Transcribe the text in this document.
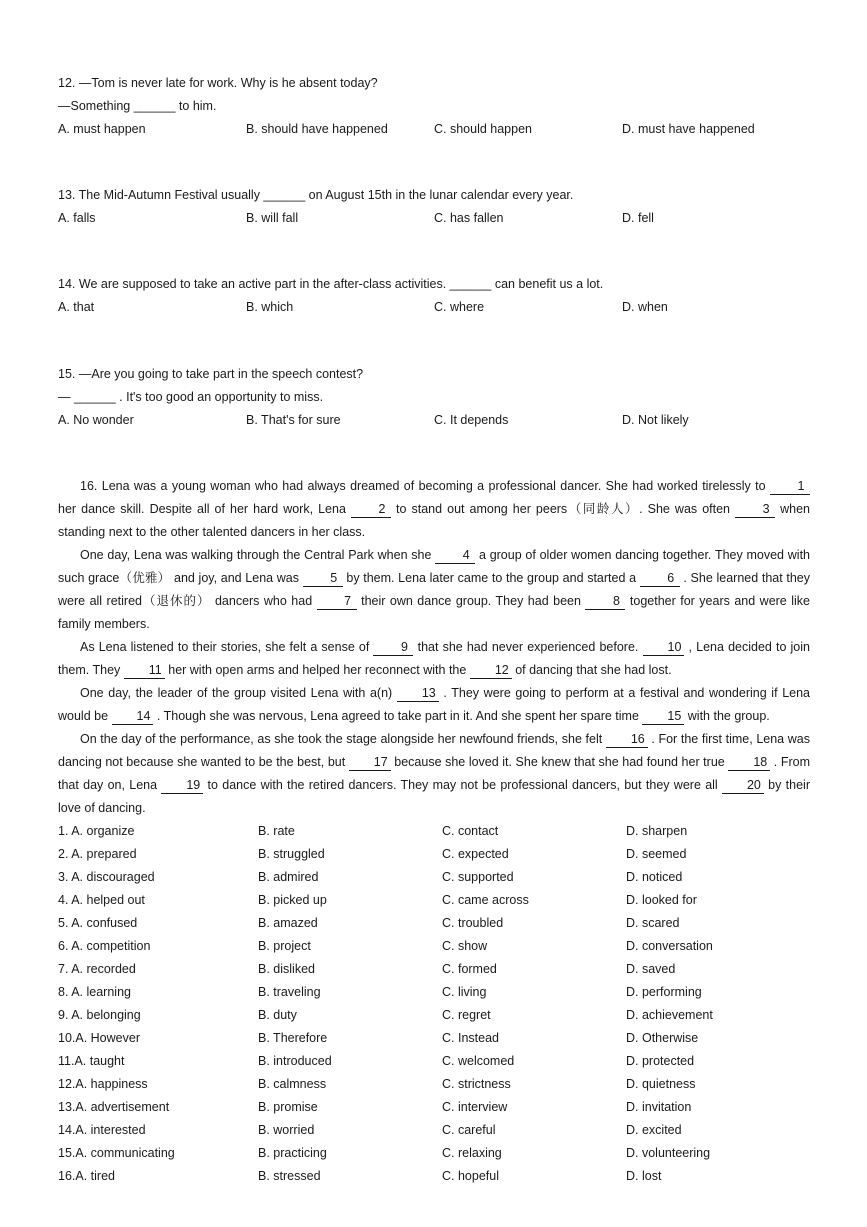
12. —Tom is never late for work. Why is he absent today?
—Something ______ to him.
A. must happen	B. should have happened	C. should happen	D. must have happened
13. The Mid-Autumn Festival usually ______ on August 15th in the lunar calendar every year.
A. falls	B. will fall	C. has fallen	D. fell
14. We are supposed to take an active part in the after-class activities. ______ can benefit us a lot.
A. that	B. which	C. where	D. when
15. —Are you going to take part in the speech contest?
— ______ . It's too good an opportunity to miss.
A. No wonder	B. That's for sure	C. It depends	D. Not likely

16. Lena was a young woman who had always dreamed of becoming a professional dancer. She had worked tirelessly to 1 her dance skill. Despite all of her hard work, Lena 2 to stand out among her peers（同龄人）. She was often 3 when standing next to the other talented dancers in her class.

One day, Lena was walking through the Central Park when she 4 a group of older women dancing together. They moved with such grace（优雅） and joy, and Lena was 5 by them. Lena later came to the group and started a 6 . She learned that they were all retired（退休的） dancers who had 7 their own dance group. They had been 8 together for years and were like family members.

As Lena listened to their stories, she felt a sense of 9 that she had never experienced before. 10 , Lena decided to join them. They 11 her with open arms and helped her reconnect with the 12 of dancing that she had lost.

One day, the leader of the group visited Lena with a(n) 13 . They were going to perform at a festival and wondering if Lena would be 14 . Though she was nervous, Lena agreed to take part in it. And she spent her spare time 15 with the group.

On the day of the performance, as she took the stage alongside her newfound friends, she felt 16 . For the first time, Lena was dancing not because she wanted to be the best, but 17 because she loved it. She knew that she had found her true 18 . From that day on, Lena 19 to dance with the retired dancers. They may not be professional dancers, but they were all 20 by their love of dancing.

1. A. organize	B. rate	C. contact	D. sharpen
2. A. prepared	B. struggled	C. expected	D. seemed
3. A. discouraged	B. admired	C. supported	D. noticed
4. A. helped out	B. picked up	C. came across	D. looked for
5. A. confused	B. amazed	C. troubled	D. scared
6. A. competition	B. project	C. show	D. conversation
7. A. recorded	B. disliked	C. formed	D. saved
8. A. learning	B. traveling	C. living	D. performing
9. A. belonging	B. duty	C. regret	D. achievement
10.A. However	B. Therefore	C. Instead	D. Otherwise
11.A. taught	B. introduced	C. welcomed	D. protected
12.A. happiness	B. calmness	C. strictness	D. quietness
13.A. advertisement	B. promise	C. interview	D. invitation
14.A. interested	B. worried	C. careful	D. excited
15.A. communicating	B. practicing	C. relaxing	D. volunteering
16.A. tired	B. stressed	C. hopeful	D. lost
